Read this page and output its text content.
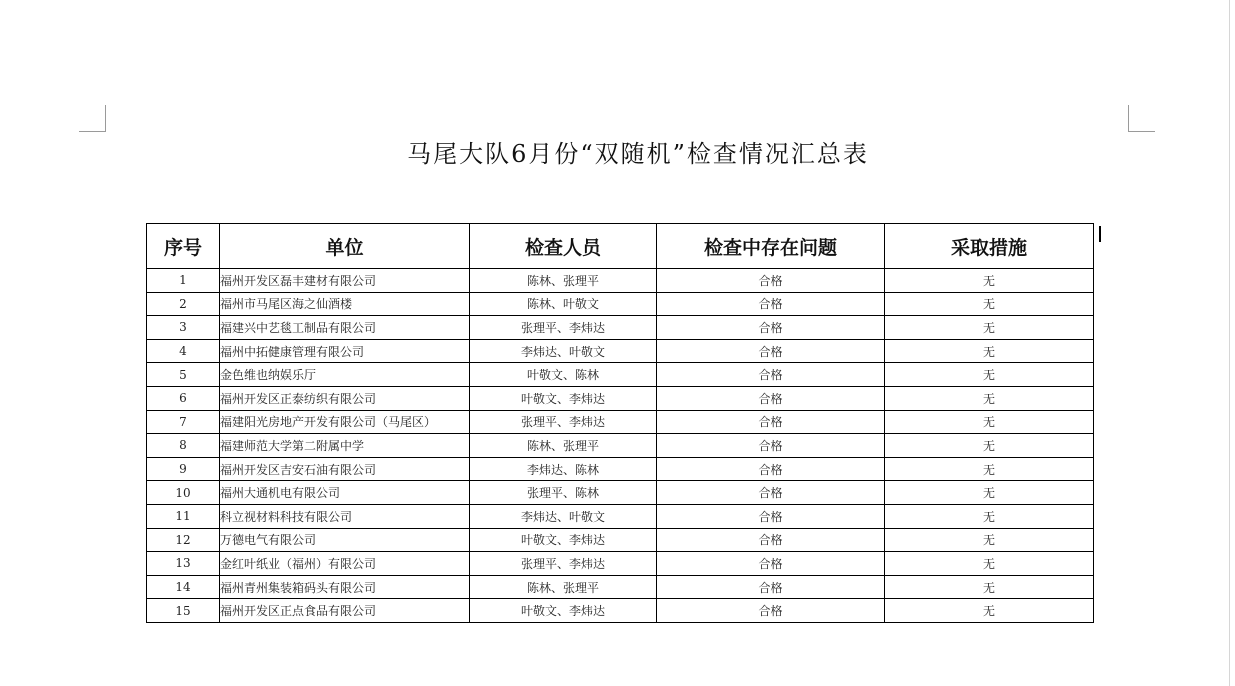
马尾大队6月份“双随机”检查情况汇总表
序号	单位	检查人员	检查中存在问题	采取措施
1	福州开发区磊丰建材有限公司	陈林、张理平	合格	无
2	福州市马尾区海之仙酒楼	陈林、叶敬文	合格	无
3	福建兴中艺毯工制品有限公司	张理平、李炜达	合格	无
4	福州中拓健康管理有限公司	李炜达、叶敬文	合格	无
5	金色维也纳娱乐厅	叶敬文、陈林	合格	无
6	福州开发区正泰纺织有限公司	叶敬文、李炜达	合格	无
7	福建阳光房地产开发有限公司（马尾区）	张理平、李炜达	合格	无
8	福建师范大学第二附属中学	陈林、张理平	合格	无
9	福州开发区吉安石油有限公司	李炜达、陈林	合格	无
10	福州大通机电有限公司	张理平、陈林	合格	无
11	科立视材料科技有限公司	李炜达、叶敬文	合格	无
12	万德电气有限公司	叶敬文、李炜达	合格	无
13	金红叶纸业（福州）有限公司	张理平、李炜达	合格	无
14	福州青州集装箱码头有限公司	陈林、张理平	合格	无
15	福州开发区正点食品有限公司	叶敬文、李炜达	合格	无
